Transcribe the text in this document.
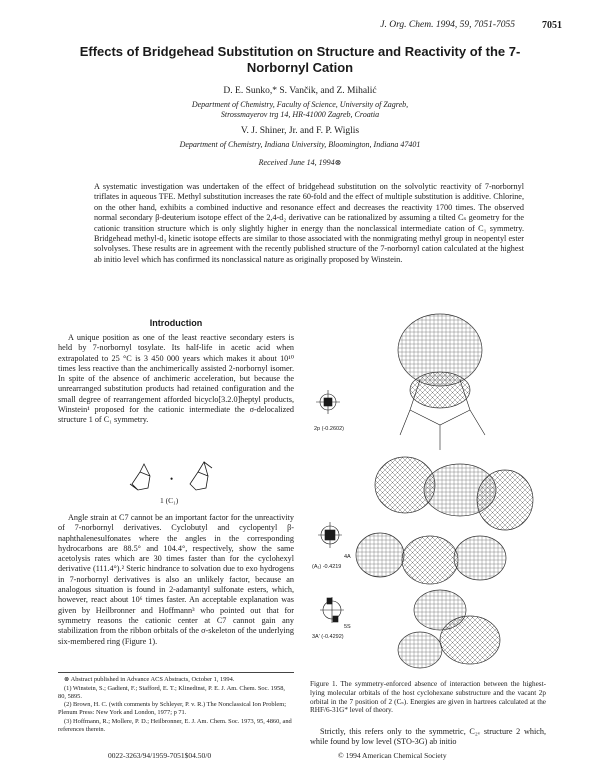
J. Org. Chem. 1994, 59, 7051-7055	7051
Effects of Bridgehead Substitution on Structure and Reactivity of the 7-Norbornyl Cation
D. E. Sunko,* S. Vančik, and Z. Mihalić
Department of Chemistry, Faculty of Science, University of Zagreb,
Strossmayerov trg 14, HR-41000 Zagreb, Croatia
V. J. Shiner, Jr. and F. P. Wiglis
Department of Chemistry, Indiana University, Bloomington, Indiana 47401
Received June 14, 1994⊗
A systematic investigation was undertaken of the effect of bridgehead substitution on the solvolytic reactivity of 7-norbornyl triflates in aqueous TFE. Methyl substitution increases the rate 60-fold and the effect of multiple substitution is additive. Chlorine, on the other hand, exhibits a combined inductive and resonance effect and decreases the reactivity 1700 times. The observed normal secondary β-deuterium isotope effect of the 2,4-d₂ derivative can be rationalized by assuming a tilted Cₛ geometry for the cationic transition structure which is only slightly higher in energy than the nonclassical intermediate cation of C₁ symmetry. Bridgehead methyl-d₃ kinetic isotope effects are similar to those associated with the nonmigrating methyl group in neopentyl ester solvolyses. These results are in agreement with the recently published structure of the 7-norbornyl cation calculated at the highest ab initio level which has confirmed its nonclassical nature as originally proposed by Winstein.
Introduction
A unique position as one of the least reactive secondary esters is held by 7-norbornyl tosylate. Its half-life in acetic acid when extrapolated to 25 °C is 3 450 000 years which makes it about 10¹⁰ times less reactive than the anchimerically assisted 2-norbornyl isomer. In spite of the absence of anchimeric acceleration, but because the unrearranged substitution products had retained configuration and the small degree of rearrangement afforded bicyclo[3.2.0]heptyl products, Winstein¹ proposed for the cationic intermediate the σ-delocalized structure 1 of C₁ symmetry.
•
1 (C₁)
Angle strain at C7 cannot be an important factor for the unreactivity of 7-norbornyl derivatives. Cyclobutyl and cyclopentyl β-naphthalenesulfonates where the angles in the corresponding hydrocarbons are 88.5° and 104.4°, respectively, show the same acetolysis rates which are 30 times faster than for the cyclohexyl derivative (111.4°).² Steric hindrance to solvation due to exo hydrogens in 7-norbornyl derivatives is also an unlikely factor, because an analogous situation is found in 2-adamantyl sulfonate esters, which, however, react about 10⁶ times faster. An acceptable explanation was given by Heilbronner and Hoffmann³ who pointed out that for symmetry reasons the cationic center at C7 cannot gain any stabilization from the ribbon orbitals of the σ-skeleton of the underlying six-membered ring (Figure 1).

⊗ Abstract published in Advance ACS Abstracts, October 1, 1994.

(1) Winstein, S.; Gadient, F.; Stafford, E. T.; Klinedinst, P. E. J. Am. Chem. Soc. 1958, 80, 5895.

(2) Brown, H. C. (with comments by Schleyer, P. v. R.) The Nonclassical Ion Problem; Plenum Press: New York and London, 1977; p 71.

(3) Hoffmann, R.; Mollere, P. D.; Heilbronner, E. J. Am. Chem. Soc. 1973, 95, 4860, and references therein.

2p (-0.2602)
4A
(A₁) -0.4219
5S
3A' (-0.4292)
Figure 1. The symmetry-enforced absence of interaction between the highest-lying molecular orbitals of the host cyclohexane substructure and the vacant 2p orbital in the 7 position of 2 (Cₛ). Energies are given in hartrees calculated at the RHF/6-31G* level of theory.
Strictly, this refers only to the symmetric, C₂ᵥ structure 2 which, while found by low level (STO-3G) ab initio
0022-3263/94/1959-7051$04.50/0	© 1994 American Chemical Society
